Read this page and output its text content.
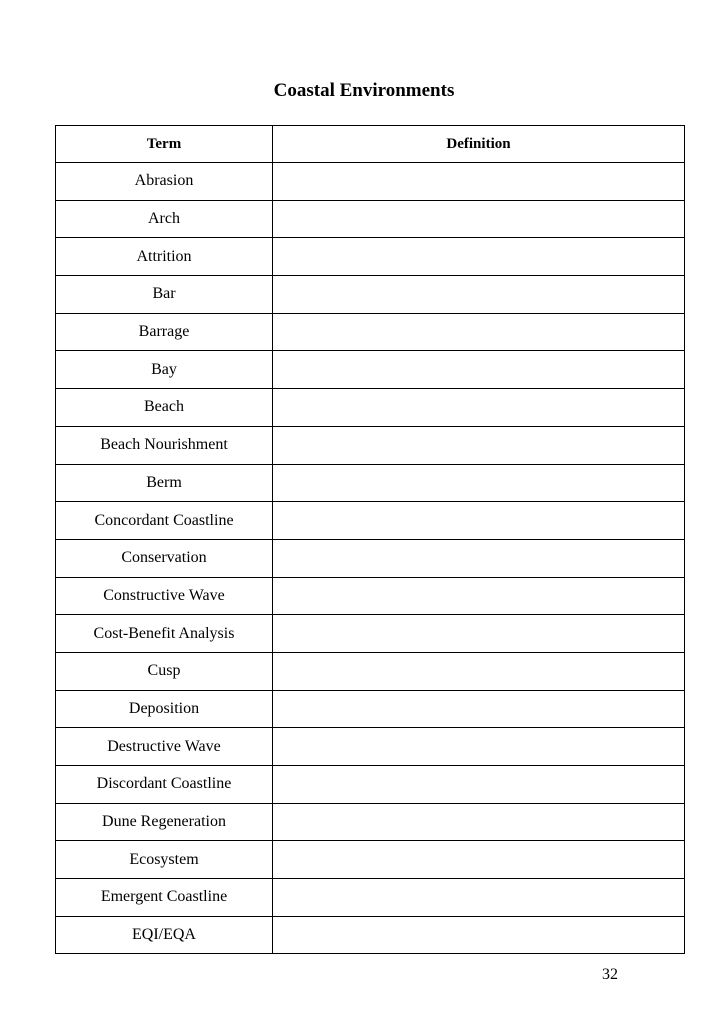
Coastal Environments
Term	Definition
Abrasion	
Arch	
Attrition	
Bar	
Barrage	
Bay	
Beach	
Beach Nourishment	
Berm	
Concordant Coastline	
Conservation	
Constructive Wave	
Cost-Benefit Analysis	
Cusp	
Deposition	
Destructive Wave	
Discordant Coastline	
Dune Regeneration	
Ecosystem	
Emergent Coastline	
EQI/EQA	
32
